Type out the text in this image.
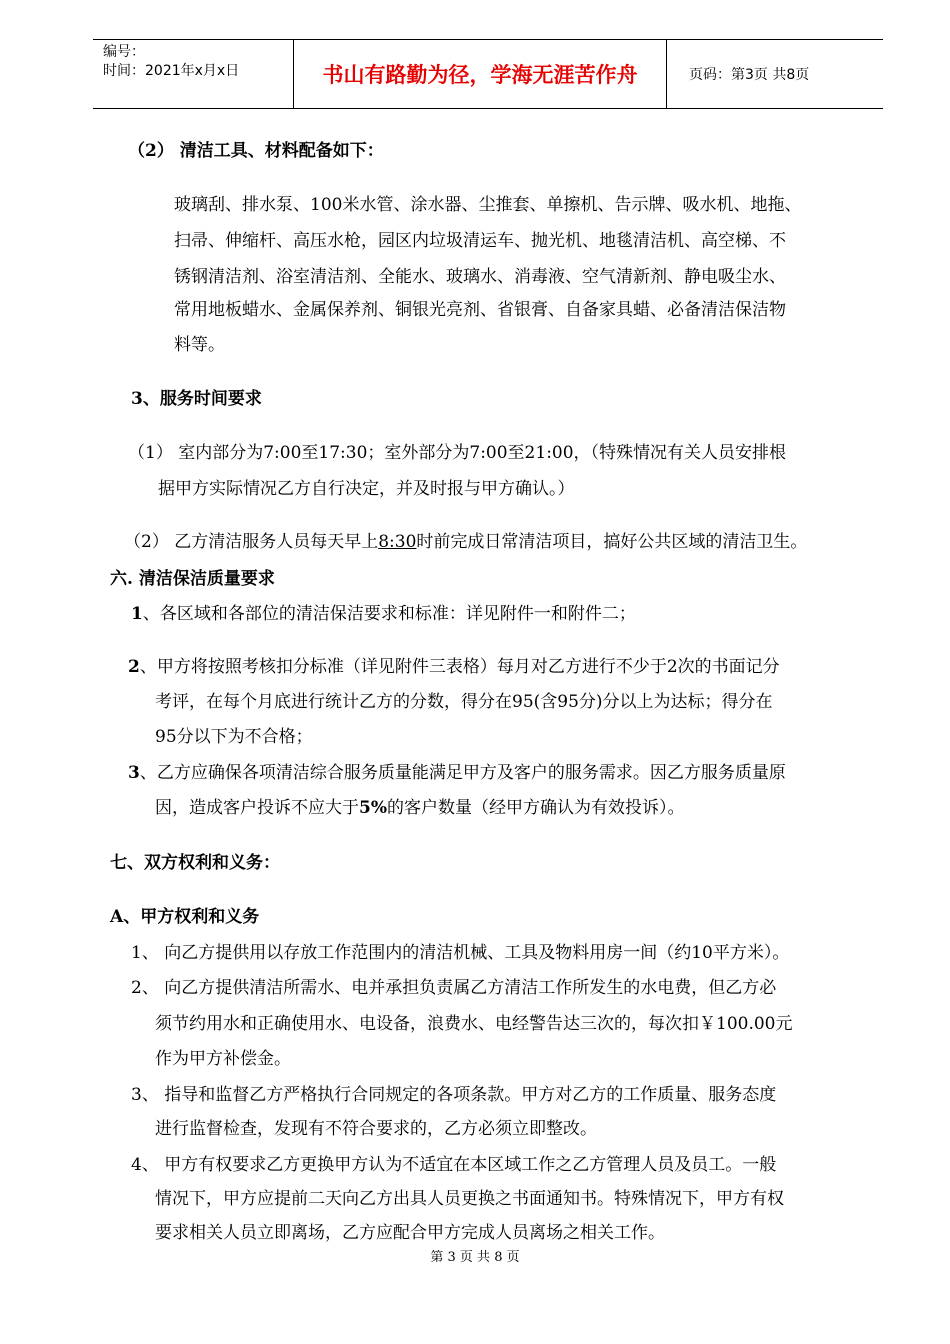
编号：
时间：2021年x月x日	书山有路勤为径，学海无涯苦作舟	页码：第3页 共8页
（2） 清洁工具、材料配备如下：
玻璃刮、排水泵、100米水管、涂水器、尘推套、单擦机、告示牌、吸水机、地拖、
扫帚、伸缩杆、高压水枪，园区内垃圾清运车、抛光机、地毯清洁机、高空梯、不
锈钢清洁剂、浴室清洁剂、全能水、玻璃水、消毒液、空气清新剂、静电吸尘水、
常用地板蜡水、金属保养剂、铜银光亮剂、省银膏、自备家具蜡、必备清洁保洁物
料等。
3、服务时间要求
（1） 室内部分为7:00至17:30；室外部分为7:00至21:00，（特殊情况有关人员安排根
据甲方实际情况乙方自行决定，并及时报与甲方确认。）
（2） 乙方清洁服务人员每天早上8:30时前完成日常清洁项目，搞好公共区域的清洁卫生。
六. 清洁保洁质量要求
1、各区域和各部位的清洁保洁要求和标准：详见附件一和附件二；
2、甲方将按照考核扣分标准（详见附件三表格）每月对乙方进行不少于2次的书面记分
考评，在每个月底进行统计乙方的分数，得分在95(含95分)分以上为达标；得分在
95分以下为不合格；
3、乙方应确保各项清洁综合服务质量能满足甲方及客户的服务需求。因乙方服务质量原
因，造成客户投诉不应大于5%的客户数量（经甲方确认为有效投诉）。
七、双方权利和义务：
A、甲方权利和义务
1、 向乙方提供用以存放工作范围内的清洁机械、工具及物料用房一间（约10平方米）。
2、 向乙方提供清洁所需水、电并承担负责属乙方清洁工作所发生的水电费，但乙方必
须节约用水和正确使用水、电设备，浪费水、电经警告达三次的，每次扣￥100.00元
作为甲方补偿金。
3、 指导和监督乙方严格执行合同规定的各项条款。甲方对乙方的工作质量、服务态度
进行监督检查，发现有不符合要求的，乙方必须立即整改。
4、 甲方有权要求乙方更换甲方认为不适宜在本区域工作之乙方管理人员及员工。一般
情况下，甲方应提前二天向乙方出具人员更换之书面通知书。特殊情况下，甲方有权
要求相关人员立即离场，乙方应配合甲方完成人员离场之相关工作。
第 3 页 共 8 页
